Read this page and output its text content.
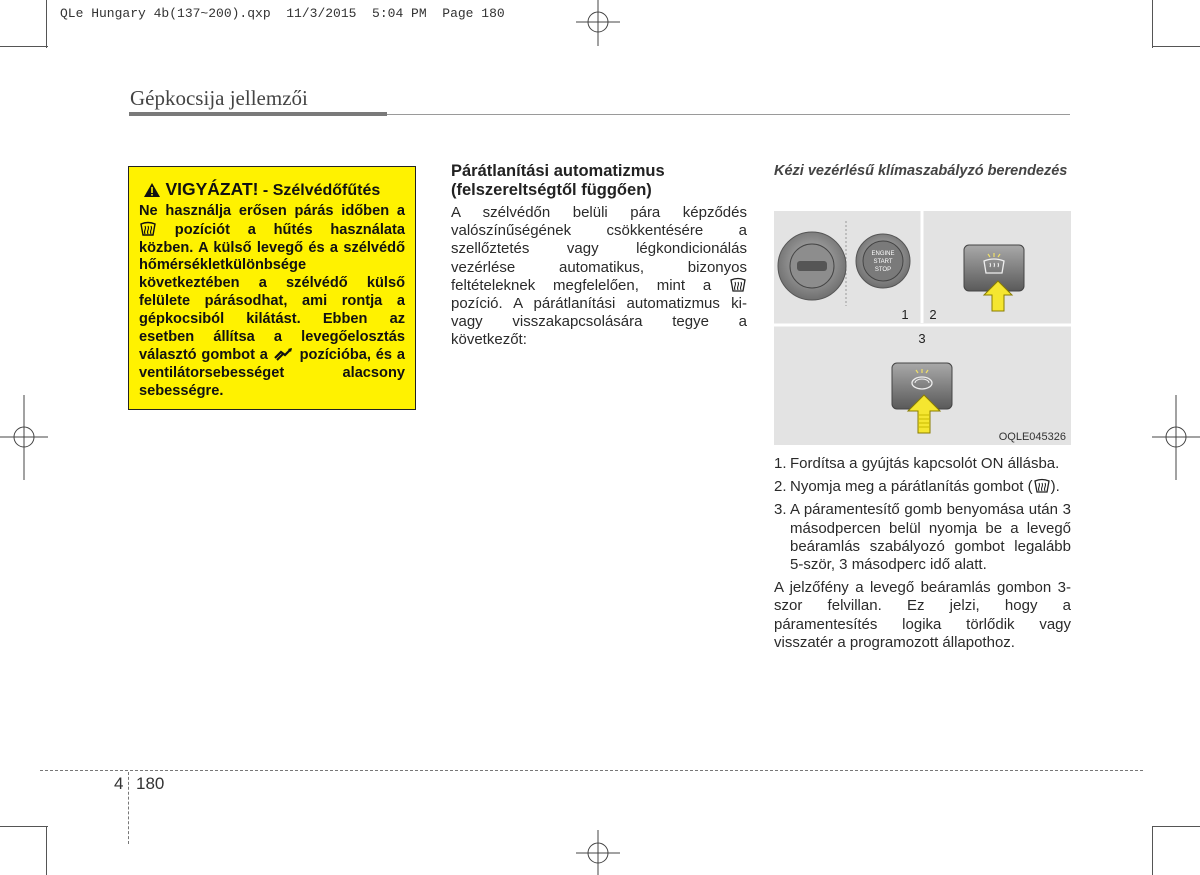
QLe Hungary 4b(137~200).qxp  11/3/2015  5:04 PM  Page 180
Gépkocsija jellemzői
VIGYÁZAT! - Szélvédőfűtés
Ne használja erősen párás időben a  pozíciót a hűtés használata közben. A külső levegő és a szélvédő hőmérsékletkülönbsége következtében a szélvédő külső felülete párásodhat, ami rontja a gépkocsiból kilátást. Ebben az esetben állítsa a levegőelosztás választó gombot a  pozícióba, és a ventilátorsebességet alacsony sebességre.
Párátlanítási automatizmus (felszereltségtől függően)
A szélvédőn belüli pára képződés valószínűségének csökkentésére a szellőztetés vagy légkondicionálás vezérlése automatikus, bizonyos feltételeknek megfelelően, mint a  pozíció. A párátlanítási automatizmus ki- vagy visszakapcsolására tegye a következőt:
Kézi vezérlésű klímaszabályzó berendezés
ENGINE
START
STOP
1 2
3
OQLE045326
1. Fordítsa a gyújtás kapcsolót ON állásba.
2. Nyomja meg a párátlanítás gombot ( ).
3. A páramentesítő gomb benyomása után 3 másodpercen belül nyomja be a levegő beáramlás szabályozó gombot legalább 5-ször, 3 másodperc idő alatt.
A jelzőfény a levegő beáramlás gombon 3-szor felvillan. Ez jelzi, hogy a páramentesítés logika törlődik vagy visszatér a programozott állapothoz.
4 180
